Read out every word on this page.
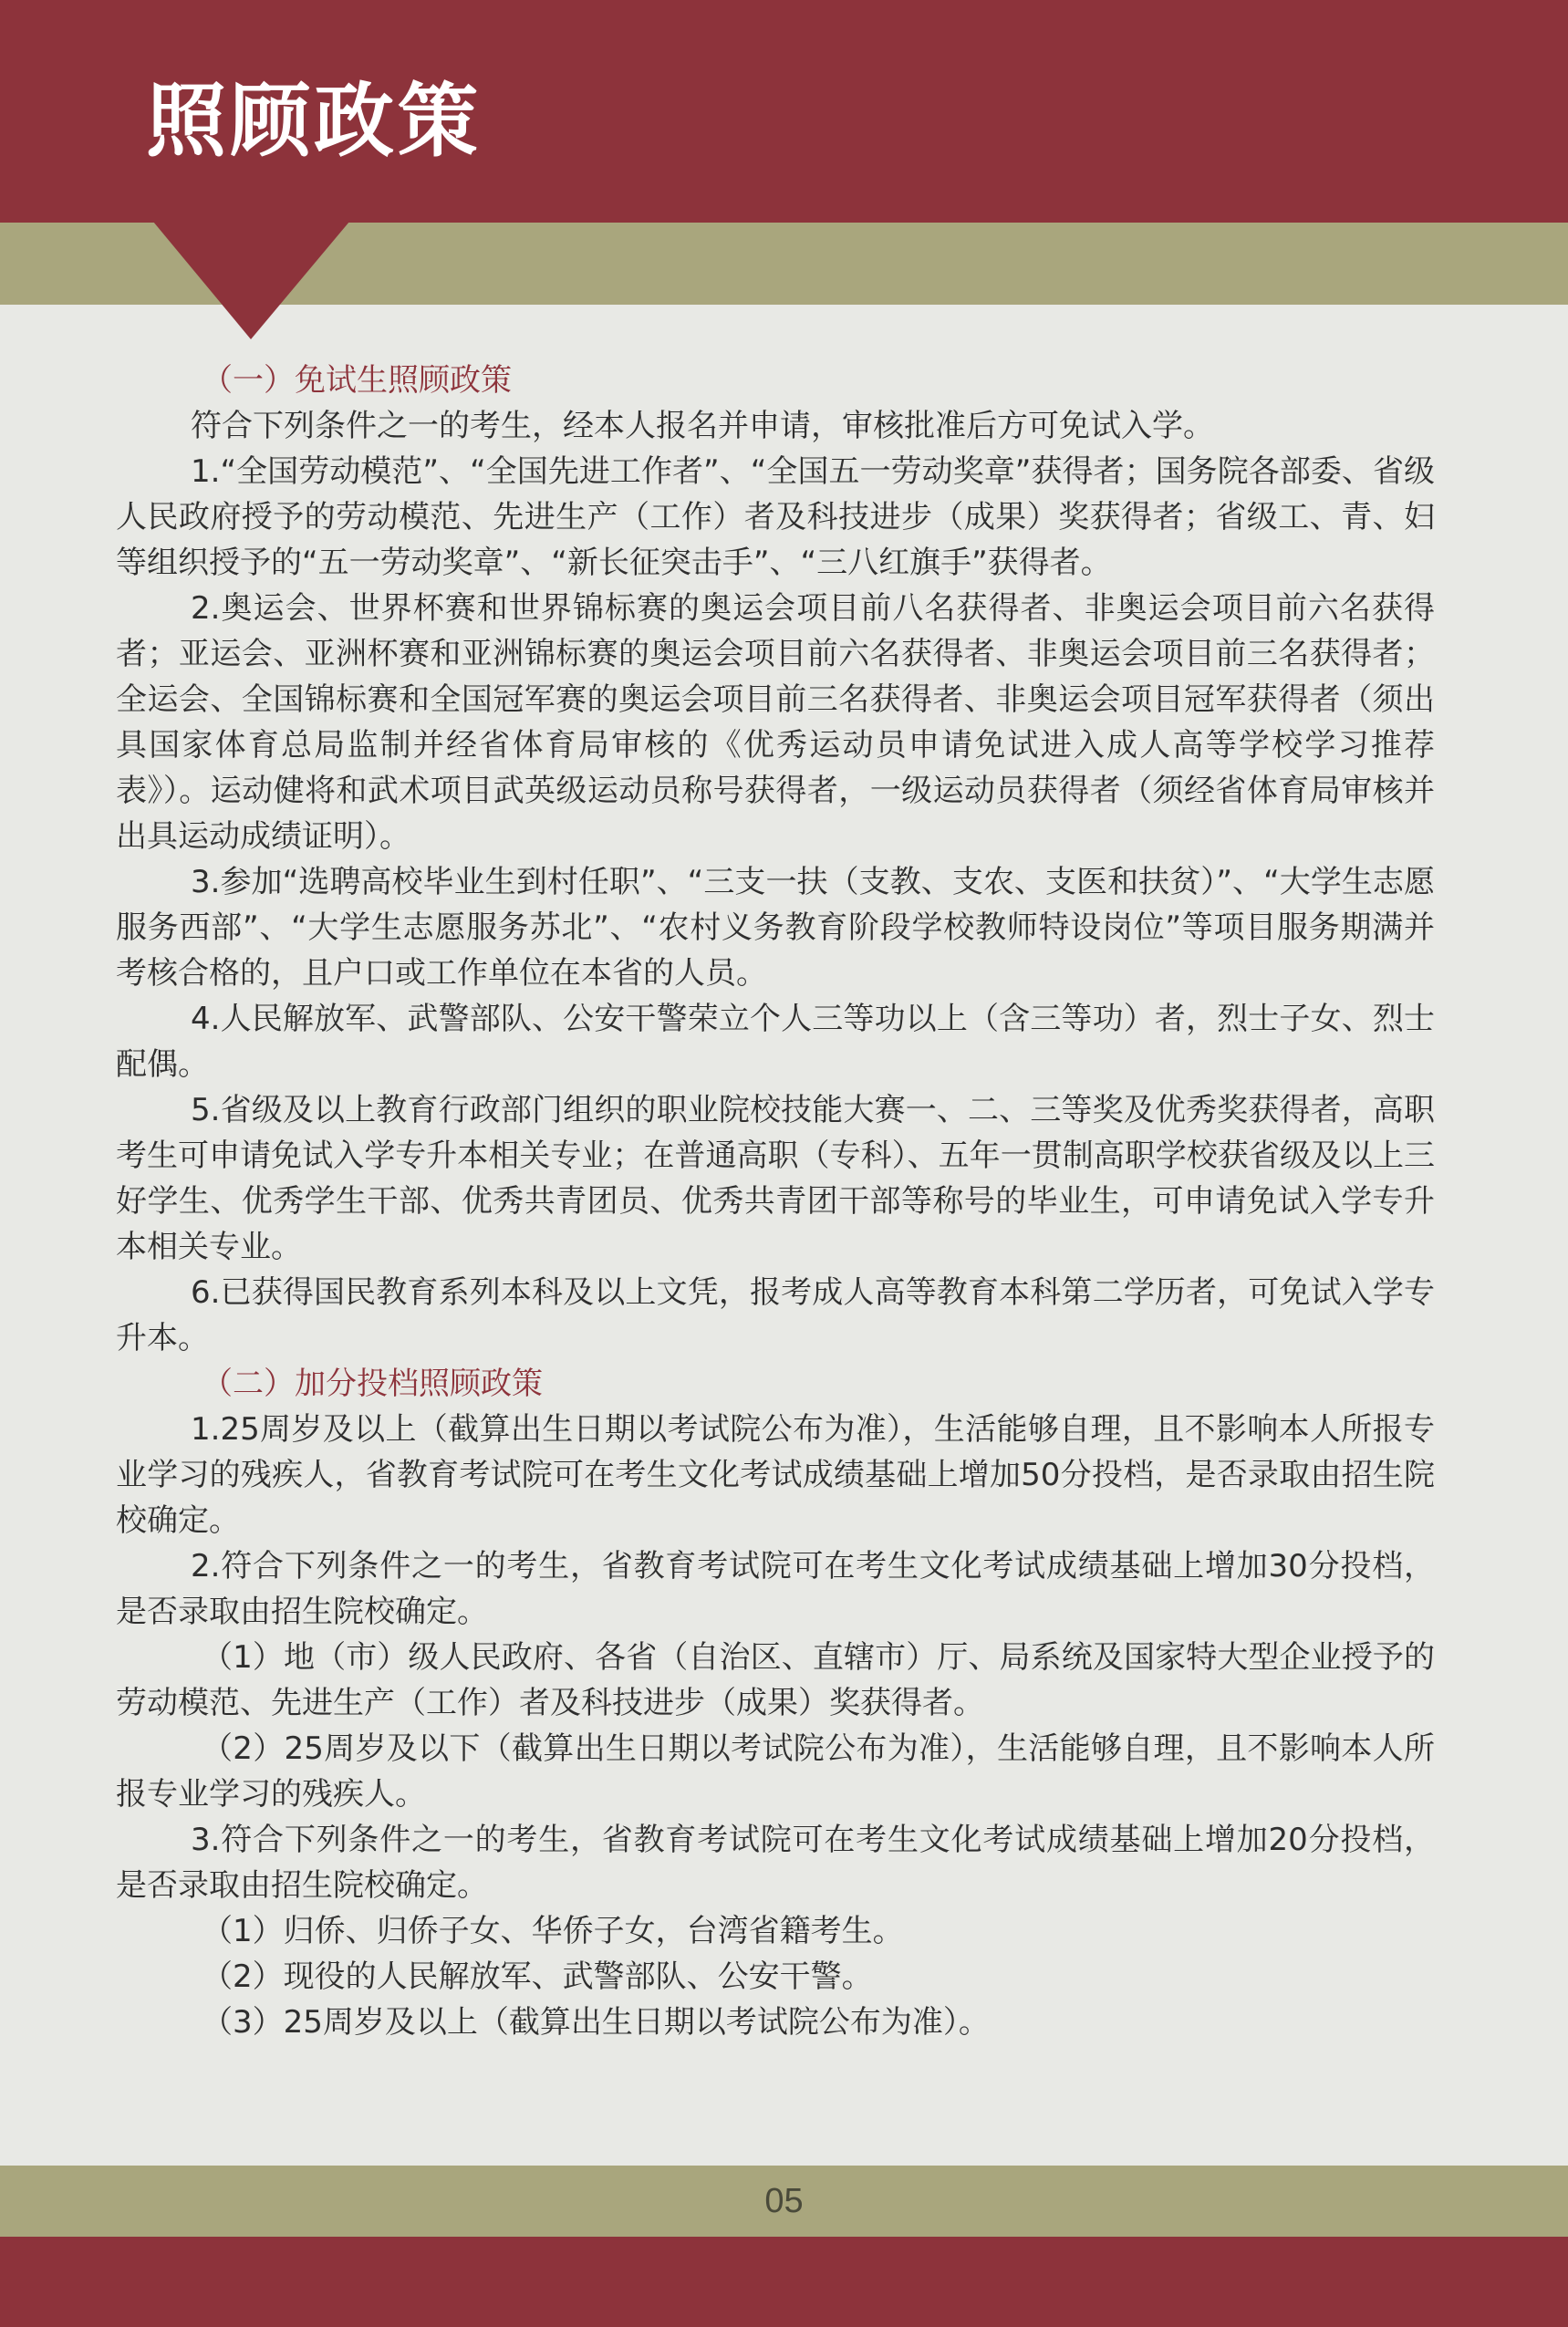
照顾政策

（一）免试生照顾政策

符合下列条件之一的考生，经本人报名并申请，审核批准后方可免试入学。

1.“全国劳动模范”、“全国先进工作者”、“全国五一劳动奖章”获得者；国务院各部委、省级人民政府授予的劳动模范、先进生产（工作）者及科技进步（成果）奖获得者；省级工、青、妇等组织授予的“五一劳动奖章”、“新长征突击手”、“三八红旗手”获得者。

2.奥运会、世界杯赛和世界锦标赛的奥运会项目前八名获得者、非奥运会项目前六名获得者；亚运会、亚洲杯赛和亚洲锦标赛的奥运会项目前六名获得者、非奥运会项目前三名获得者；全运会、全国锦标赛和全国冠军赛的奥运会项目前三名获得者、非奥运会项目冠军获得者（须出具国家体育总局监制并经省体育局审核的《优秀运动员申请免试进入成人高等学校学习推荐表》）。运动健将和武术项目武英级运动员称号获得者，一级运动员获得者（须经省体育局审核并出具运动成绩证明）。

3.参加“选聘高校毕业生到村任职”、“三支一扶（支教、支农、支医和扶贫）”、“大学生志愿服务西部”、“大学生志愿服务苏北”、“农村义务教育阶段学校教师特设岗位”等项目服务期满并考核合格的，且户口或工作单位在本省的人员。

4.人民解放军、武警部队、公安干警荣立个人三等功以上（含三等功）者，烈士子女、烈士配偶。

5.省级及以上教育行政部门组织的职业院校技能大赛一、二、三等奖及优秀奖获得者，高职考生可申请免试入学专升本相关专业；在普通高职（专科）、五年一贯制高职学校获省级及以上三好学生、优秀学生干部、优秀共青团员、优秀共青团干部等称号的毕业生，可申请免试入学专升本相关专业。

6.已获得国民教育系列本科及以上文凭，报考成人高等教育本科第二学历者，可免试入学专升本。

（二）加分投档照顾政策

1.25周岁及以上（截算出生日期以考试院公布为准），生活能够自理，且不影响本人所报专业学习的残疾人，省教育考试院可在考生文化考试成绩基础上增加50分投档，是否录取由招生院校确定。

2.符合下列条件之一的考生，省教育考试院可在考生文化考试成绩基础上增加30分投档，是否录取由招生院校确定。

（1）地（市）级人民政府、各省（自治区、直辖市）厅、局系统及国家特大型企业授予的劳动模范、先进生产（工作）者及科技进步（成果）奖获得者。

（2）25周岁及以下（截算出生日期以考试院公布为准），生活能够自理，且不影响本人所报专业学习的残疾人。

3.符合下列条件之一的考生，省教育考试院可在考生文化考试成绩基础上增加20分投档，是否录取由招生院校确定。

（1）归侨、归侨子女、华侨子女，台湾省籍考生。

（2）现役的人民解放军、武警部队、公安干警。

（3）25周岁及以上（截算出生日期以考试院公布为准）。

05
